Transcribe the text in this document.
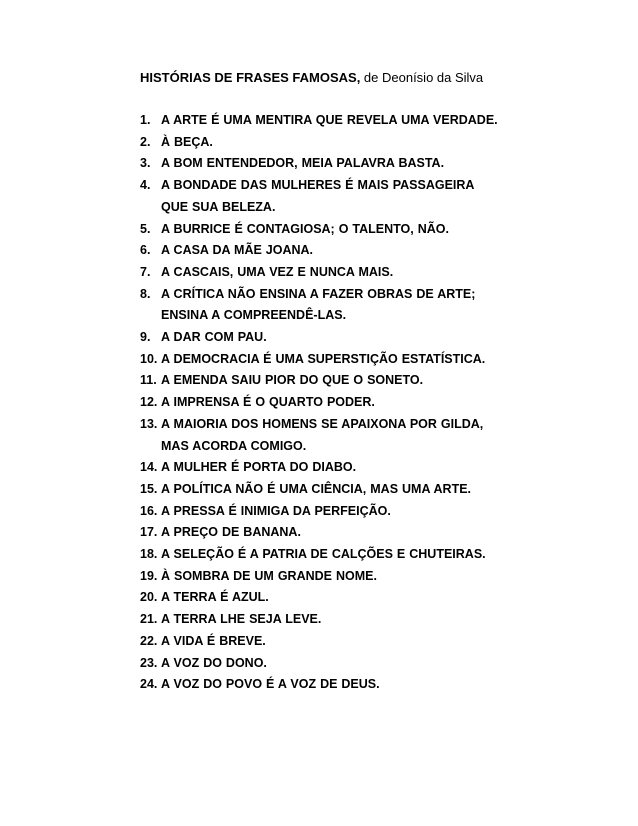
HISTÓRIAS DE FRASES FAMOSAS, de Deonísio da Silva
1. A ARTE É UMA MENTIRA QUE REVELA UMA VERDADE.
2. À BEÇA.
3. A BOM ENTENDEDOR, MEIA PALAVRA BASTA.
4. A BONDADE DAS MULHERES É MAIS PASSAGEIRA
QUE SUA BELEZA.
5. A BURRICE É CONTAGIOSA; O TALENTO, NÃO.
6. A CASA DA MÃE JOANA.
7. A CASCAIS, UMA VEZ E NUNCA MAIS.
8. A CRÍTICA NÃO ENSINA A FAZER OBRAS DE ARTE;
ENSINA A COMPREENDÊ-LAS.
9. A DAR COM PAU.
10. A DEMOCRACIA É UMA SUPERSTIÇÃO ESTATÍSTICA.
11. A EMENDA SAIU PIOR DO QUE O SONETO.
12. A IMPRENSA É O QUARTO PODER.
13. A MAIORIA DOS HOMENS SE APAIXONA POR GILDA,
MAS ACORDA COMIGO.
14. A MULHER É PORTA DO DIABO.
15. A POLÍTICA NÃO É UMA CIÊNCIA, MAS UMA ARTE.
16. A PRESSA É INIMIGA DA PERFEIÇÃO.
17. A PREÇO DE BANANA.
18. A SELEÇÃO É A PATRIA DE CALÇÕES E CHUTEIRAS.
19. À SOMBRA DE UM GRANDE NOME.
20. A TERRA É AZUL.
21. A TERRA LHE SEJA LEVE.
22. A VIDA É BREVE.
23. A VOZ DO DONO.
24. A VOZ DO POVO É A VOZ DE DEUS.
